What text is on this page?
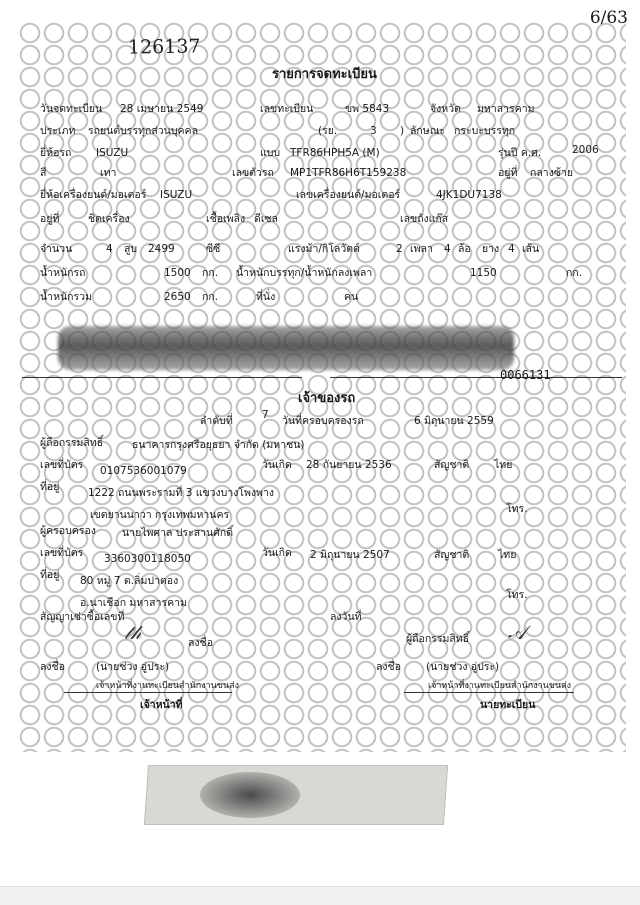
6/63
126137
รายการจดทะเบียน
วันจดทะเบียน 28 เมษายน 2549	เลขทะเบียน	ขพ 5843	จังหวัด มหาสารคาม
ประเภท รถยนต์บรรทุกส่วนบุคคล	(รย.	3 ) ลักษณะ กระบะบรรทุก
ยี่ห้อรถ ISUZU	แบบ TFR86HPH5A (M)	รุ่นปี ค.ศ.	2006
สี	เทา	เลขตัวรถ MP1TFR86H6T159238	อยู่ที่ กลางซ้าย
ยี่ห้อเครื่องยนต์/มอเตอร์ ISUZU	เลขเครื่องยนต์/มอเตอร์	4JK1DU7138
อยู่ที่	ชิดเครื่อง	เชื้อเพลิง ดีเซล	เลขถังแก๊ส
จำนวน	4 สูบ 2499	ซีซี	แรงม้า/กิโลวัตต์	2 เพลา 4 ล้อ ยาง 4 เส้น
น้ำหนักรถ	1500 กก. น้ำหนักบรรทุก/น้ำหนักลงเพลา	1150	กก.
น้ำหนักรวม	2650 กก.	ที่นั่ง	คน
0066131
เจ้าของรถ
ลำดับที่	7 วันที่ครอบครองรถ	6 มิถุนายน 2559
ผู้ถือกรรมสิทธิ์	ธนาคารกรุงศรีอยุธยา จำกัด (มหาชน)
เลขที่บัตร 0107536001079	วันเกิด 28 กันยายน 2536	สัญชาติ ไทย
ที่อยู่	1222 ถนนพระรามที่ 3 แขวงบางโพงพาง
เขตยานนาวา กรุงเทพมหานคร	โทร.
ผู้ครอบครอง นายไพศาล ประสานศักดิ์
เลขที่บัตร 3360300118050	วันเกิด 2 มิถุนายน 2507	สัญชาติ	ไทย
ที่อยู่ 80 หมู่ 7 ต.ลิ่มปาตอง
อ.นาเชือก มหาสารคาม
โทร.
สัญญาเช่าซื้อเลขที่	ลงวันที่
𝓉𝒽	ลงชื่อ	𝒜
ผู้ถือกรรมสิทธิ์
ลงชื่อ	(นายช่วง อู่ประ)
เจ้าหน้าที่งานทะเบียนสำนักงานขนส่ง
ลงชื่อ (นายช่วง อู่ประ)
เจ้าหน้าที่งานทะเบียนสำนักงานขนส่ง
เจ้าหน้าที่	นายทะเบียน
